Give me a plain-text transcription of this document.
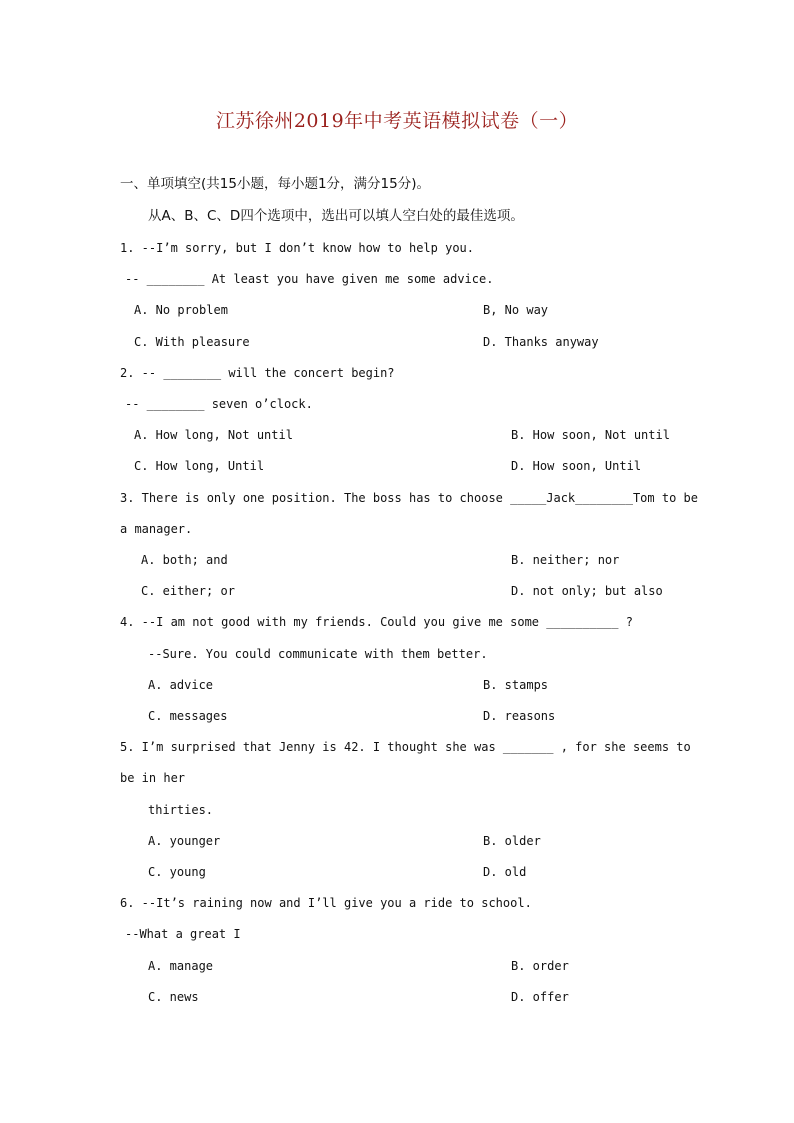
江苏徐州2019年中考英语模拟试卷（一）
一、单项填空(共15小题，每小题1分，满分15分)。
从A、B、C、D四个选项中，选出可以填人空白处的最佳选项。
1. --I’m sorry, but I don’t know how to help you.
-- ________ At least you have given me some advice.
A. No problem	B, No way
C. With pleasure	D. Thanks anyway
2. -- ________ will the concert begin?
-- ________ seven o’clock.
A. How long, Not until	B. How soon, Not until
C. How long, Until	D. How soon, Until
3. There is only one position. The boss has to choose _____Jack________Tom to be
a manager.
A. both; and	B. neither; nor
C. either; or	D. not only; but also
4. --I am not good with my friends. Could you give me some __________ ?
--Sure. You could communicate with them better.
A. advice	B. stamps
C. messages	D. reasons
5. I’m surprised that Jenny is 42. I thought she was _______ , for she seems to
be in her
thirties.
A. younger	B. older
C. young	D. old
6. --It’s raining now and I’ll give you a ride to school.
--What a great I
A. manage	B. order
C. news	D. offer
